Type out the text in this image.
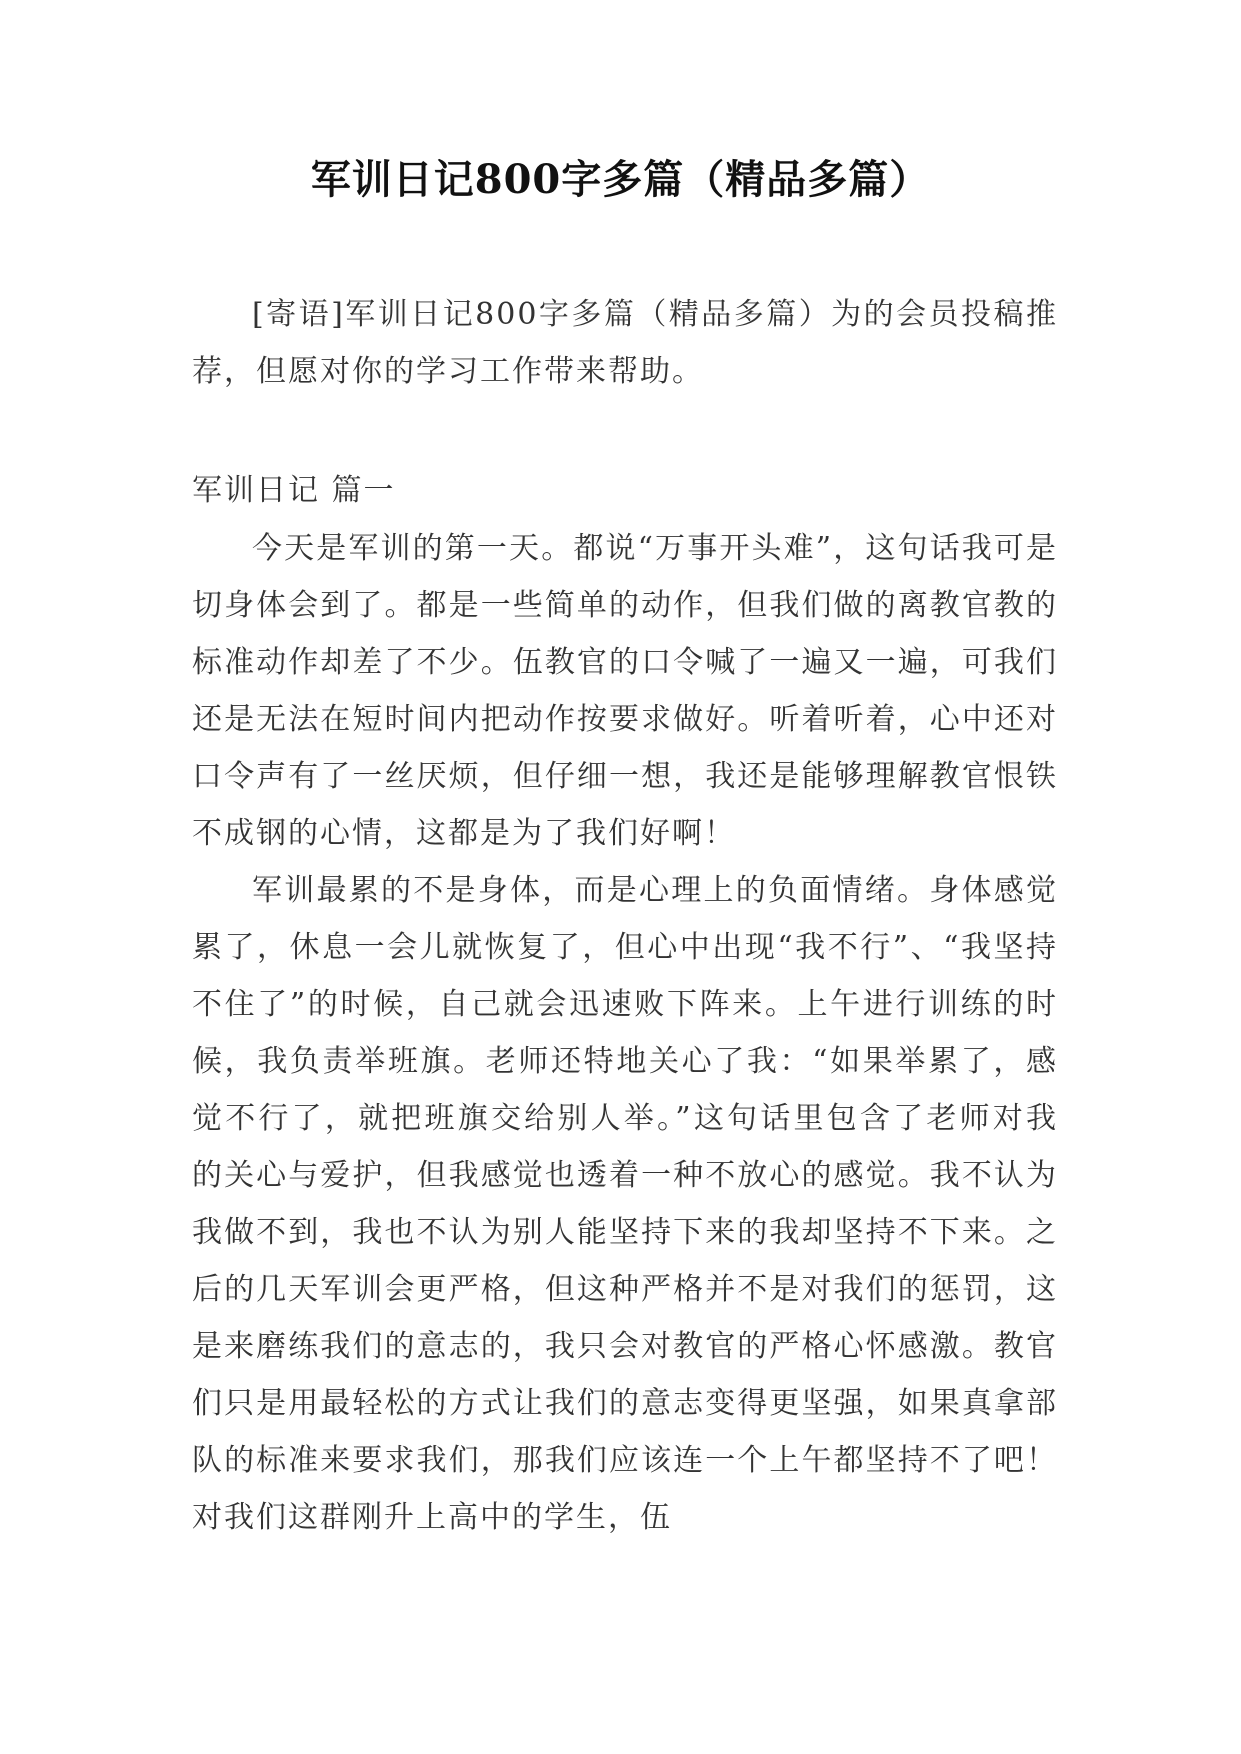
军训日记800字多篇（精品多篇）

[寄语]军训日记800字多篇（精品多篇）为的会员投稿推荐，但愿对你的学习工作带来帮助。

军训日记 篇一

今天是军训的第一天。都说“万事开头难”，这句话我可是切身体会到了。都是一些简单的动作，但我们做的离教官教的标准动作却差了不少。伍教官的口令喊了一遍又一遍，可我们还是无法在短时间内把动作按要求做好。听着听着，心中还对口令声有了一丝厌烦，但仔细一想，我还是能够理解教官恨铁不成钢的心情，这都是为了我们好啊！

军训最累的不是身体，而是心理上的负面情绪。身体感觉累了，休息一会儿就恢复了，但心中出现“我不行”、“我坚持不住了”的时候，自己就会迅速败下阵来。上午进行训练的时候，我负责举班旗。老师还特地关心了我：“如果举累了，感觉不行了，就把班旗交给别人举。”这句话里包含了老师对我的关心与爱护，但我感觉也透着一种不放心的感觉。我不认为我做不到，我也不认为别人能坚持下来的我却坚持不下来。之后的几天军训会更严格，但这种严格并不是对我们的惩罚，这是来磨练我们的意志的，我只会对教官的严格心怀感激。教官们只是用最轻松的方式让我们的意志变得更坚强，如果真拿部队的标准来要求我们，那我们应该连一个上午都坚持不了吧！对我们这群刚升上高中的学生，伍
